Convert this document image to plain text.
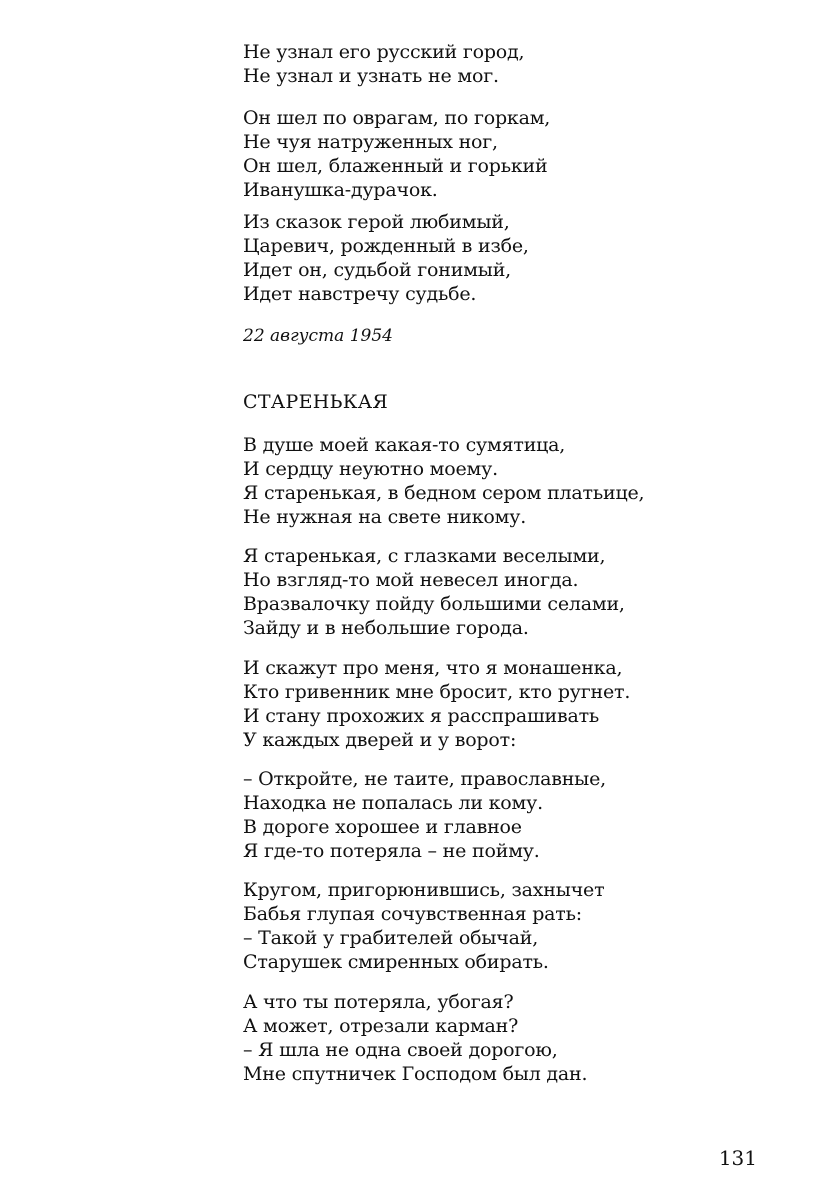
Не узнал его русский город,
Не узнал и узнать не мог.
Он шел по оврагам, по горкам,
Не чуя натруженных ног,
Он шел, блаженный и горький
Иванушка-дурачок.
Из сказок герой любимый,
Царевич, рожденный в избе,
Идет он, судьбой гонимый,
Идет навстречу судьбе.
22 августа 1954
СТАРЕНЬКАЯ
В душе моей какая-то сумятица,
И сердцу неуютно моему.
Я старенькая, в бедном сером платьице,
Не нужная на свете никому.
Я старенькая, с глазками веселыми,
Но взгляд-то мой невесел иногда.
Вразвалочку пойду большими селами,
Зайду и в небольшие города.
И скажут про меня, что я монашенка,
Кто гривенник мне бросит, кто ругнет.
И стану прохожих я расспрашивать
У каждых дверей и у ворот:
– Откройте, не таите, православные,
Находка не попалась ли кому.
В дороге хорошее и главное
Я где-то потеряла – не пойму.
Кругом, пригорюнившись, захнычет
Бабья глупая сочувственная рать:
– Такой у грабителей обычай,
Старушек смиренных обирать.
А что ты потеряла, убогая?
А может, отрезали карман?
– Я шла не одна своей дорогою,
Мне спутничек Господом был дан.
131
